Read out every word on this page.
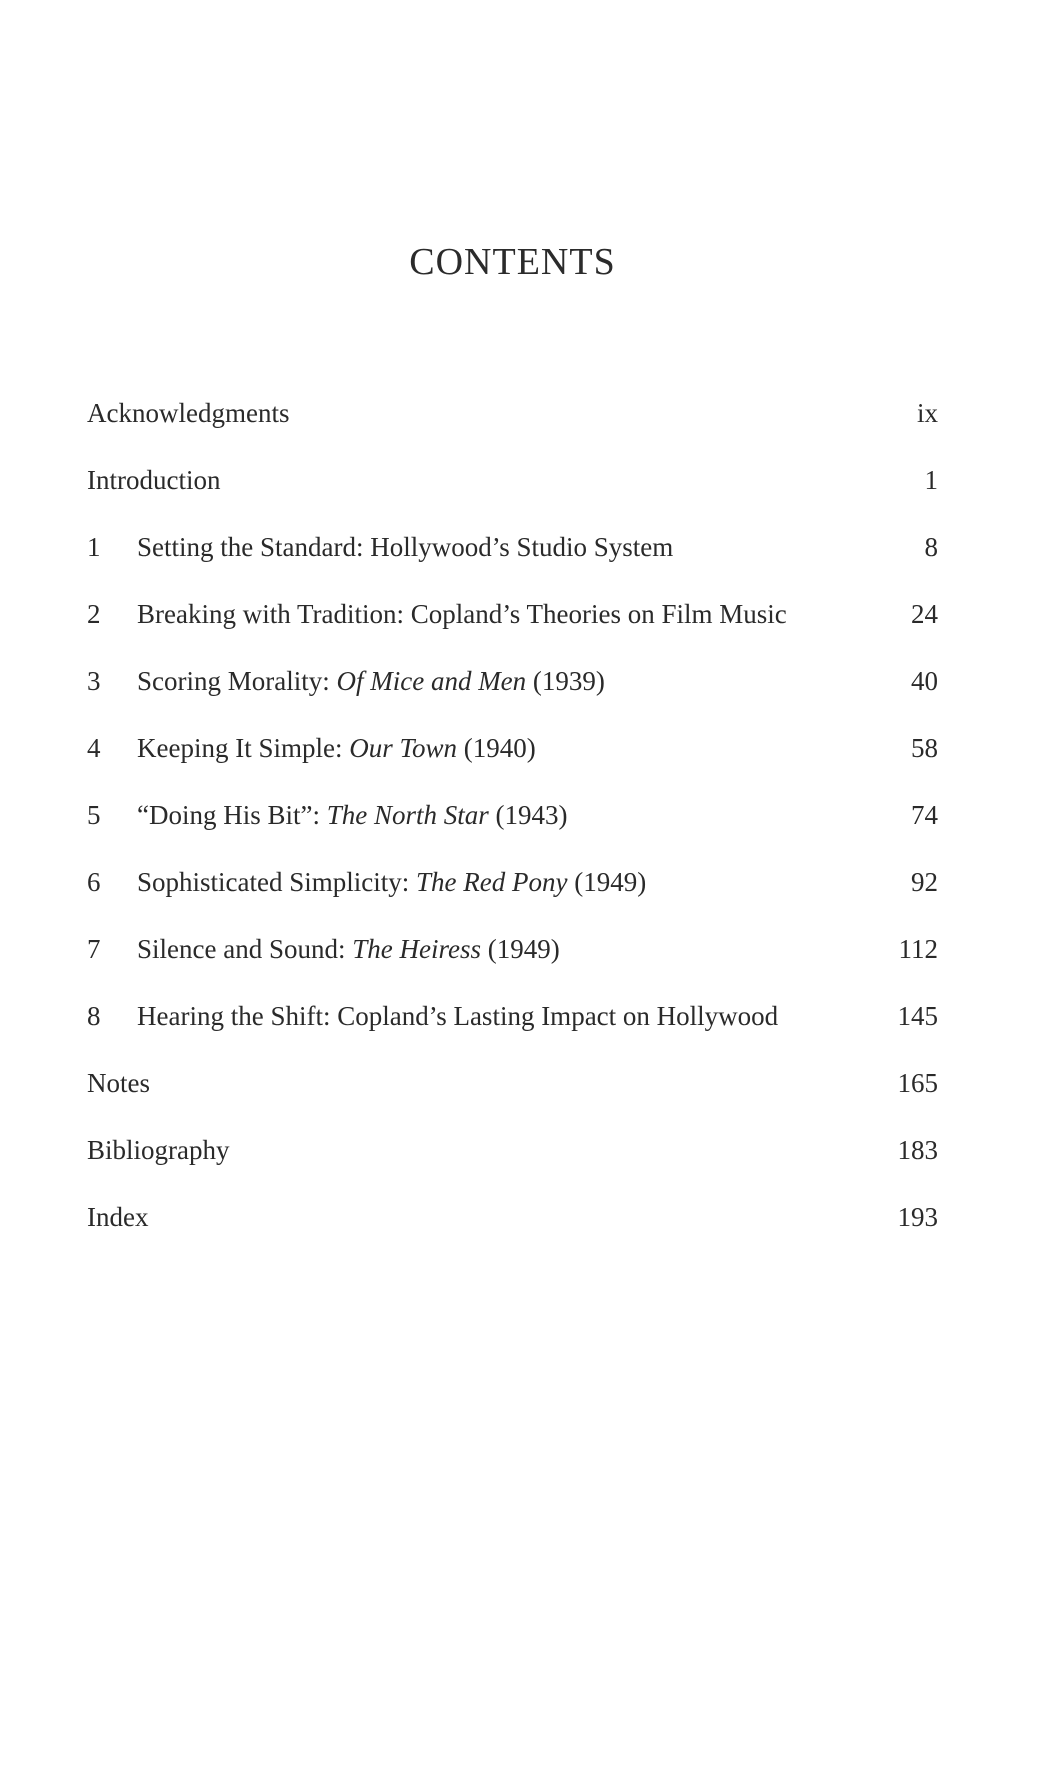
CONTENTS
Acknowledgments	ix
Introduction	1
1 Setting the Standard: Hollywood’s Studio System	8
2 Breaking with Tradition: Copland’s Theories on Film Music	24
3 Scoring Morality: Of Mice and Men (1939)	40
4 Keeping It Simple: Our Town (1940)	58
5 “Doing His Bit”: The North Star (1943)	74
6 Sophisticated Simplicity: The Red Pony (1949)	92
7 Silence and Sound: The Heiress (1949)	112
8 Hearing the Shift: Copland’s Lasting Impact on Hollywood	145
Notes	165
Bibliography	183
Index	193
